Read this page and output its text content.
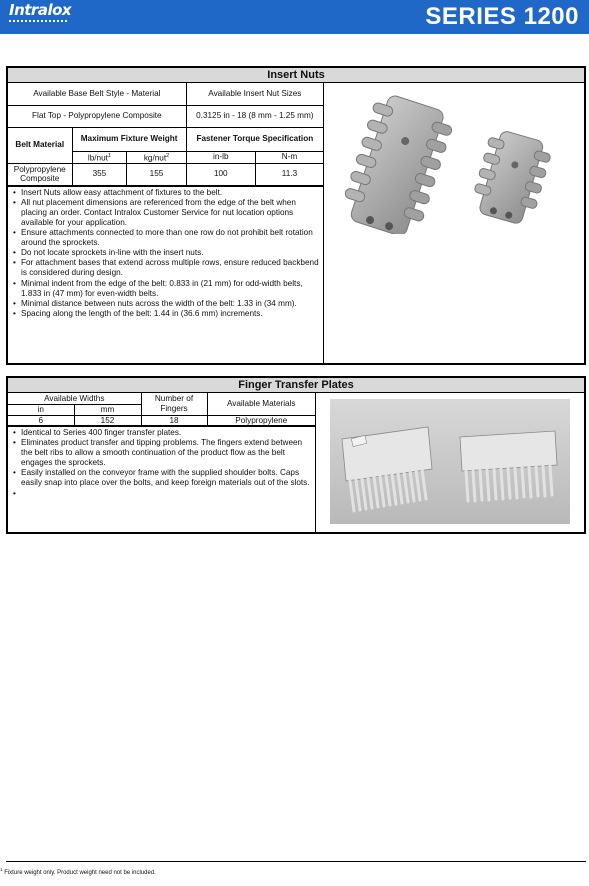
Intralox	SERIES 1200
Insert Nuts
Available Base Belt Style - Material			Available Insert Nut Sizes	
Flat Top - Polypropylene Composite			0.3125 in - 18 (8 mm - 1.25 mm)	
Belt Material	Maximum Fixture Weight		Fastener Torque Specification	
	lb/nut$^1$	kg/nut$^2$	in-lb	N-m
Polypropylene Composite	355	155	100	11.3
• Insert Nuts allow easy attachment of fixtures to the belt.
• All nut placement dimensions are referenced from the edge of the belt when placing an order. Contact Intralox Customer Service for nut location options available for your application.
• Ensure attachments connected to more than one row do not prohibit belt rotation around the sprockets.
• Do not locate sprockets in-line with the insert nuts.
• For attachment bases that extend across multiple rows, ensure reduced backbend is considered during design.
• Minimal indent from the edge of the belt: 0.833 in (21 mm) for odd-width belts, 1.833 in (47 mm) for even-width belts.
• Minimal distance between nuts across the width of the belt: 1.33 in (34 mm).
• Spacing along the length of the belt: 1.44 in (36.6 mm) increments.
Finger Transfer Plates
Available Widths		Number of Fingers	Available Materials
in	mm		
6	152	18	Polypropylene
• Identical to Series 400 finger transfer plates.
• Eliminates product transfer and tipping problems. The fingers extend between the belt ribs to allow a smooth continuation of the product flow as the belt engages the sprockets.
• Easily installed on the conveyor frame with the supplied shoulder bolts. Caps easily snap into place over the bolts, and keep foreign materials out of the slots.
•
$^1$ Fixture weight only. Product weight need not be included.
